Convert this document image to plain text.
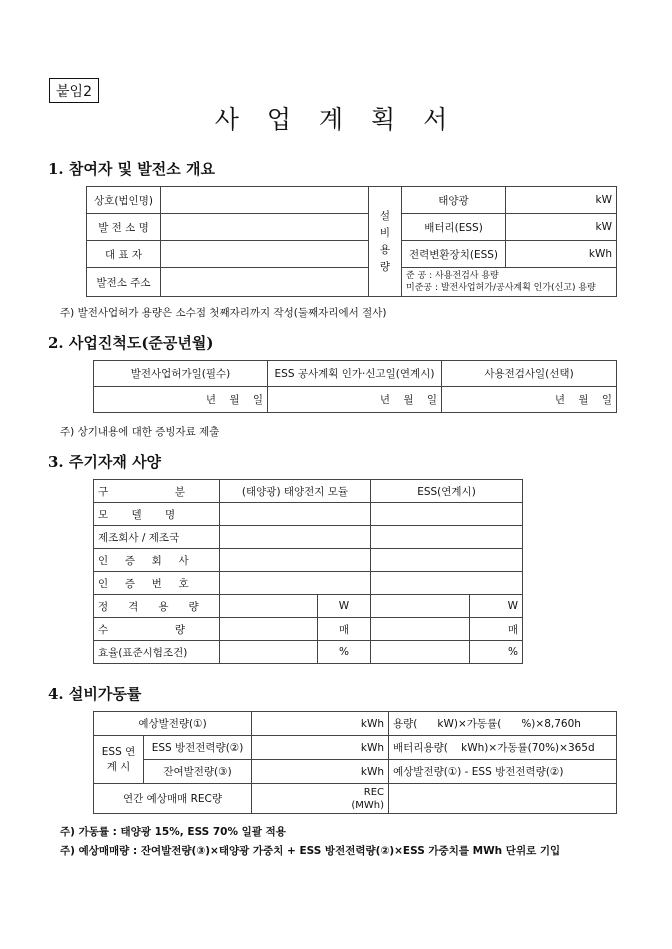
붙임2
사 업 계 획 서
1. 참여자 및 발전소 개요
상호(법인명)		설 비 용 량	태양광	kW
발 전 소 명			배터리(ESS)	kW
대 표 자			전력변환장치(ESS)	kWh
발전소 주소			준 공 : 사용전검사 용량
미준공 : 발전사업허가/공사계획 인가(신고) 용량	
주) 발전사업허가 용량은 소수점 첫째자리까지 작성(둘째자리에서 절사)
2. 사업진척도(준공년월)
발전사업허가일(필수)	ESS 공사계획 인가·신고일(연계시)	사용전검사일(선택)
년    월    일	년    월    일	년    월    일
주) 상기내용에 대한 증빙자료 제출
3. 주기자재 사양
구                    분	(태양광) 태양전지 모듈		ESS(연계시)	
모       델       명				
제조회사 / 제조국				
인     증     회     사				
인     증     번     호				
정      격      용      량		W		W
수                    량		매		매
효율(표준시험조건)		%		%
4. 설비가동률
예상발전량(①)		kWh	용량(      kW)×가동률(      %)×8,760h
ESS 연계 시	ESS 방전전력량(②)	kWh	배터리용량(    kWh)×가동률(70%)×365d
	잔여발전량(③)	kWh	예상발전량(①) - ESS 방전전력량(②)
연간 예상매매 REC량		REC
(MWh)	
주) 가동률 : 태양광 15%, ESS 70% 일괄 적용
주) 예상매매량 : 잔여발전량(③)×태양광 가중치 + ESS 방전전력량(②)×ESS 가중치를 MWh 단위로 기입
